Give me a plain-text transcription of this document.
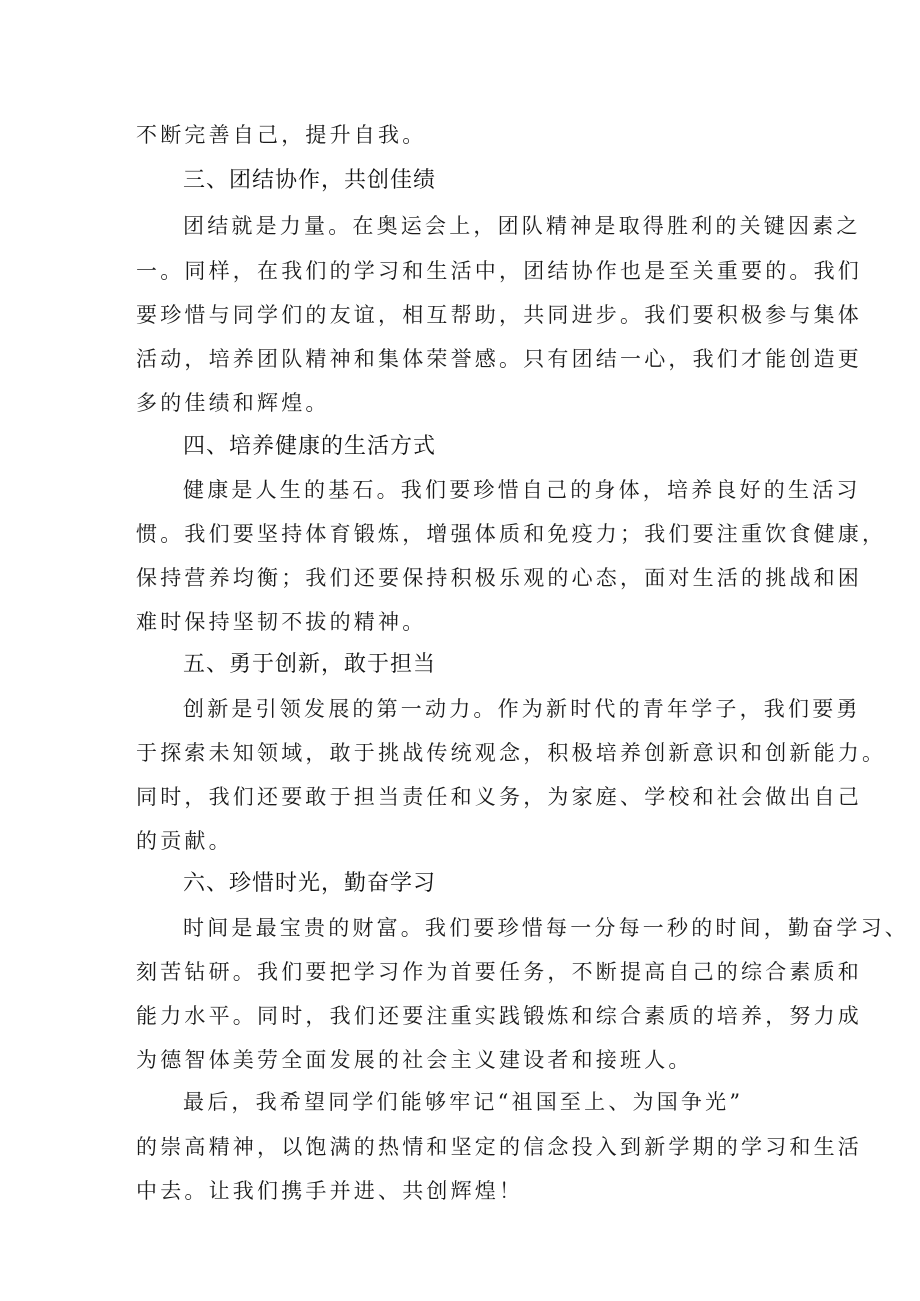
不断完善自己，提升自我。
三、团结协作，共创佳绩
团结就是力量。在奥运会上，团队精神是取得胜利的关键因素之
一。同样，在我们的学习和生活中，团结协作也是至关重要的。我们
要珍惜与同学们的友谊，相互帮助，共同进步。我们要积极参与集体
活动，培养团队精神和集体荣誉感。只有团结一心，我们才能创造更
多的佳绩和辉煌。
四、培养健康的生活方式
健康是人生的基石。我们要珍惜自己的身体，培养良好的生活习
惯。我们要坚持体育锻炼，增强体质和免疫力；我们要注重饮食健康，
保持营养均衡；我们还要保持积极乐观的心态，面对生活的挑战和困
难时保持坚韧不拔的精神。
五、勇于创新，敢于担当
创新是引领发展的第一动力。作为新时代的青年学子，我们要勇
于探索未知领域，敢于挑战传统观念，积极培养创新意识和创新能力。
同时，我们还要敢于担当责任和义务，为家庭、学校和社会做出自己
的贡献。
六、珍惜时光，勤奋学习
时间是最宝贵的财富。我们要珍惜每一分每一秒的时间，勤奋学习、
刻苦钻研。我们要把学习作为首要任务，不断提高自己的综合素质和
能力水平。同时，我们还要注重实践锻炼和综合素质的培养，努力成
为德智体美劳全面发展的社会主义建设者和接班人。
最后，我希望同学们能够牢记“祖国至上、为国争光”
的崇高精神，以饱满的热情和坚定的信念投入到新学期的学习和生活
中去。让我们携手并进、共创辉煌！
